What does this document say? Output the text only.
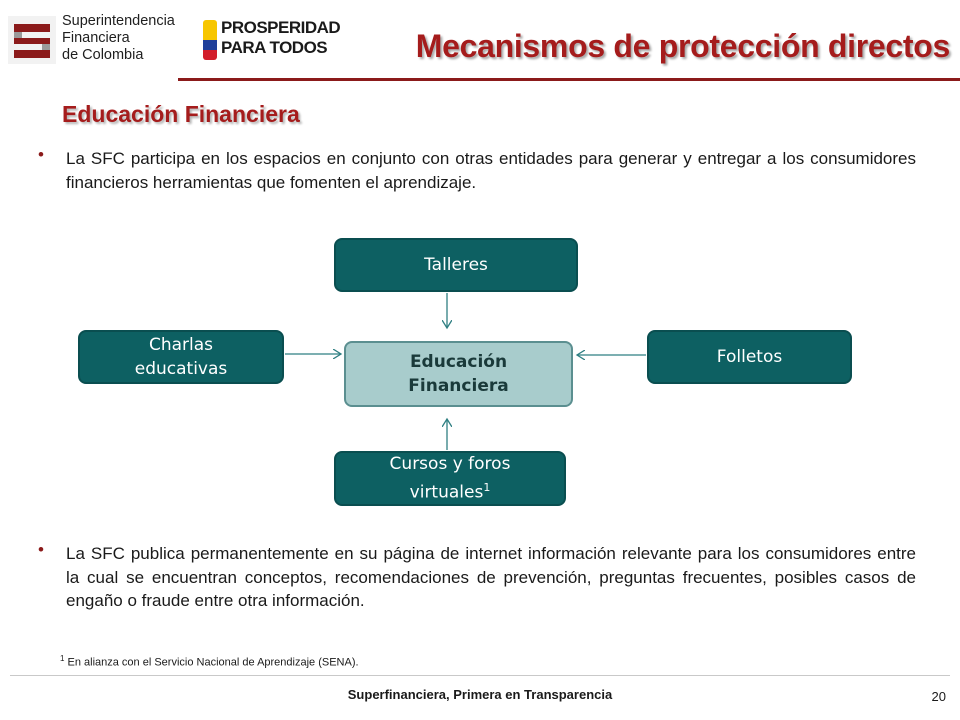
Superintendencia
Financiera
de Colombia
PROSPERIDAD
PARA TODOS	Mecanismos de protección directos
Educación Financiera
• La SFC participa en los espacios en conjunto con otras entidades para generar y entregar a los consumidores financieros herramientas que fomenten el aprendizaje.
Talleres
Charlas
educativas
Folletos
Educación
Financiera
Cursos y foros
virtuales$^1$
• La SFC publica permanentemente en su página de internet información relevante para los consumidores entre la cual se encuentran conceptos, recomendaciones de prevención, preguntas frecuentes, posibles casos de engaño o fraude entre otra información.
$^1$ En alianza con el Servicio Nacional de Aprendizaje (SENA).
Superfinanciera, Primera en Transparencia	20
